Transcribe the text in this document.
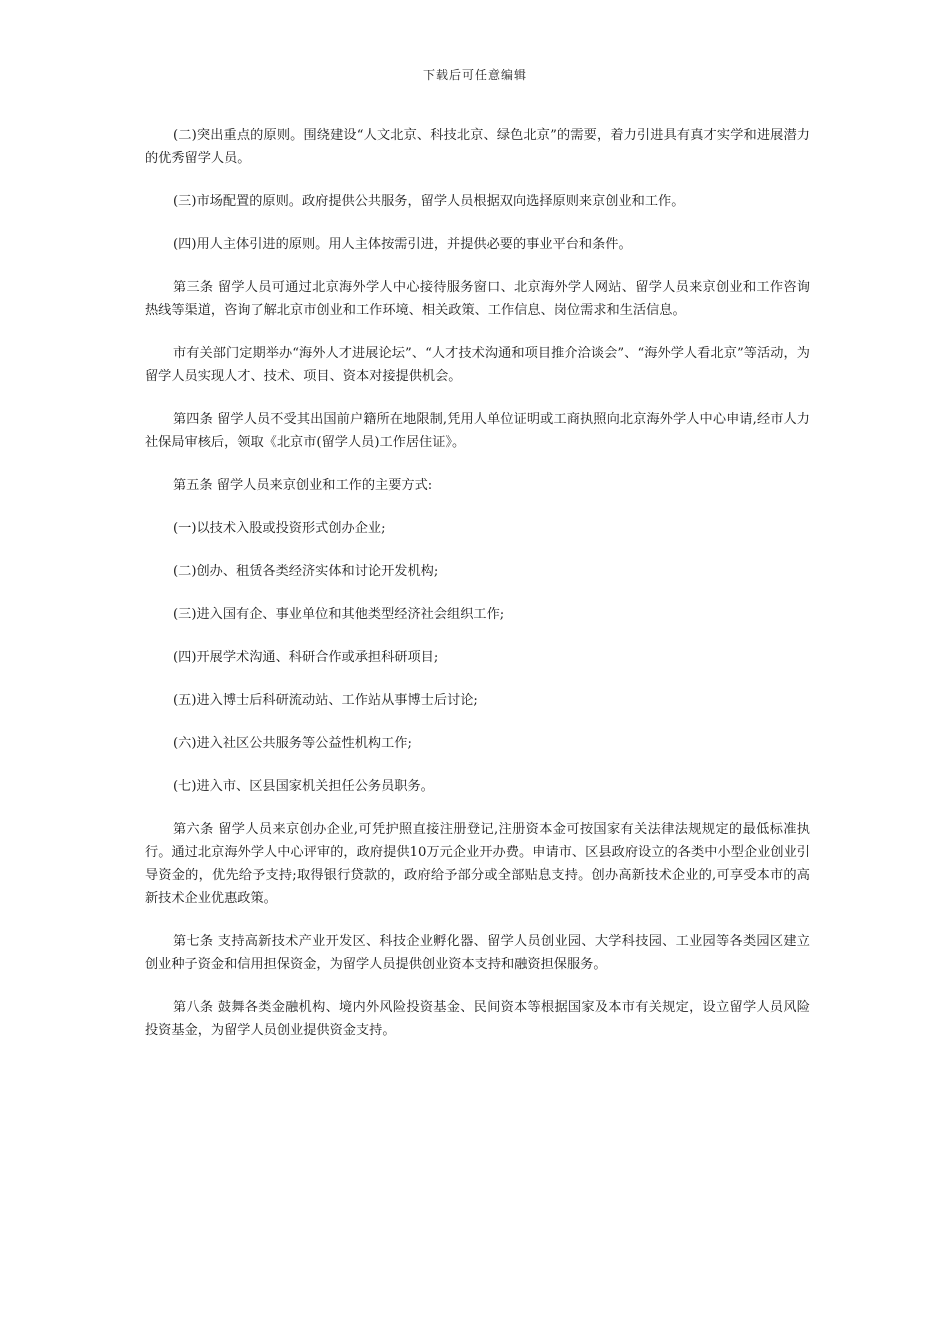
下载后可任意编辑

(二)突出重点的原则。围绕建设“人文北京、科技北京、绿色北京”的需要，着力引进具有真才实学和进展潜力的优秀留学人员。

(三)市场配置的原则。政府提供公共服务，留学人员根据双向选择原则来京创业和工作。

(四)用人主体引进的原则。用人主体按需引进，并提供必要的事业平台和条件。

第三条 留学人员可通过北京海外学人中心接待服务窗口、北京海外学人网站、留学人员来京创业和工作咨询热线等渠道，咨询了解北京市创业和工作环境、相关政策、工作信息、岗位需求和生活信息。

市有关部门定期举办“海外人才进展论坛”、“人才技术沟通和项目推介洽谈会”、“海外学人看北京”等活动，为留学人员实现人才、技术、项目、资本对接提供机会。

第四条 留学人员不受其出国前户籍所在地限制,凭用人单位证明或工商执照向北京海外学人中心申请,经市人力社保局审核后，领取《北京市(留学人员)工作居住证》。

第五条 留学人员来京创业和工作的主要方式:

(一)以技术入股或投资形式创办企业;

(二)创办、租赁各类经济实体和讨论开发机构;

(三)进入国有企、事业单位和其他类型经济社会组织工作;

(四)开展学术沟通、科研合作或承担科研项目;

(五)进入博士后科研流动站、工作站从事博士后讨论;

(六)进入社区公共服务等公益性机构工作;

(七)进入市、区县国家机关担任公务员职务。

第六条 留学人员来京创办企业,可凭护照直接注册登记,注册资本金可按国家有关法律法规规定的最低标准执行。通过北京海外学人中心评审的，政府提供10万元企业开办费。申请市、区县政府设立的各类中小型企业创业引导资金的，优先给予支持;取得银行贷款的，政府给予部分或全部贴息支持。创办高新技术企业的,可享受本市的高新技术企业优惠政策。

第七条 支持高新技术产业开发区、科技企业孵化器、留学人员创业园、大学科技园、工业园等各类园区建立创业种子资金和信用担保资金，为留学人员提供创业资本支持和融资担保服务。

第八条 鼓舞各类金融机构、境内外风险投资基金、民间资本等根据国家及本市有关规定，设立留学人员风险投资基金，为留学人员创业提供资金支持。
